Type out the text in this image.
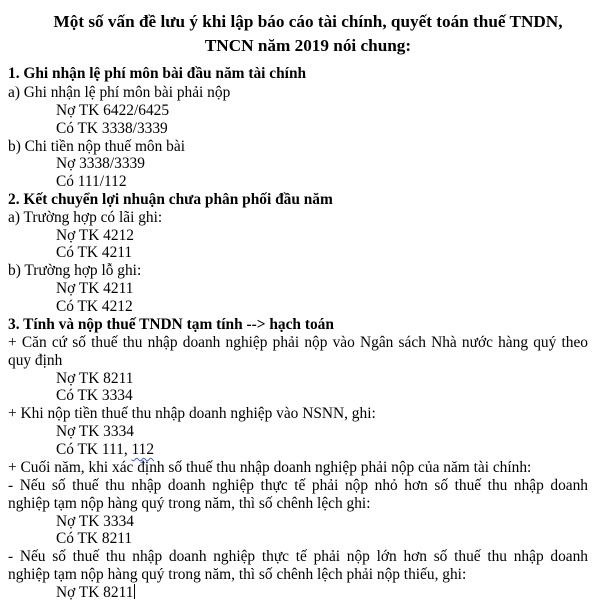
Một số vấn đề lưu ý khi lập báo cáo tài chính, quyết toán thuế TNDN,
TNCN năm 2019 nói chung:
1. Ghi nhận lệ phí môn bài đầu năm tài chính
a) Ghi nhận lệ phí môn bài phải nộp
Nợ TK 6422/6425
Có TK 3338/3339
b) Chi tiền nộp thuế môn bài
Nợ 3338/3339
Có 111/112
2. Kết chuyển lợi nhuận chưa phân phối đầu năm
a) Trường hợp có lãi ghi:
Nợ TK 4212
Có TK 4211
b) Trường hợp lỗ ghi:
Nợ TK 4211
Có TK 4212
3. Tính và nộp thuế TNDN tạm tính --> hạch toán
+ Căn cứ số thuế thu nhập doanh nghiệp phải nộp vào Ngân sách Nhà nước hàng quý theo
quy định
Nợ TK 8211
Có TK 3334
+ Khi nộp tiền thuế thu nhập doanh nghiệp vào NSNN, ghi:
Nợ TK 3334
Có TK 111, 112
+ Cuối năm, khi xác định số thuế thu nhập doanh nghiệp phải nộp của năm tài chính:
- Nếu số thuế thu nhập doanh nghiệp thực tế phải nộp nhỏ hơn số thuế thu nhập doanh
nghiệp tạm nộp hàng quý trong năm, thì số chênh lệch ghi:
Nợ TK 3334
Có TK 8211
- Nếu số thuế thu nhập doanh nghiệp thực tế phải nộp lớn hơn số thuế thu nhập doanh
nghiệp tạm nộp hàng quý trong năm, thì số chênh lệch phải nộp thiếu, ghi:
Nợ TK 8211
